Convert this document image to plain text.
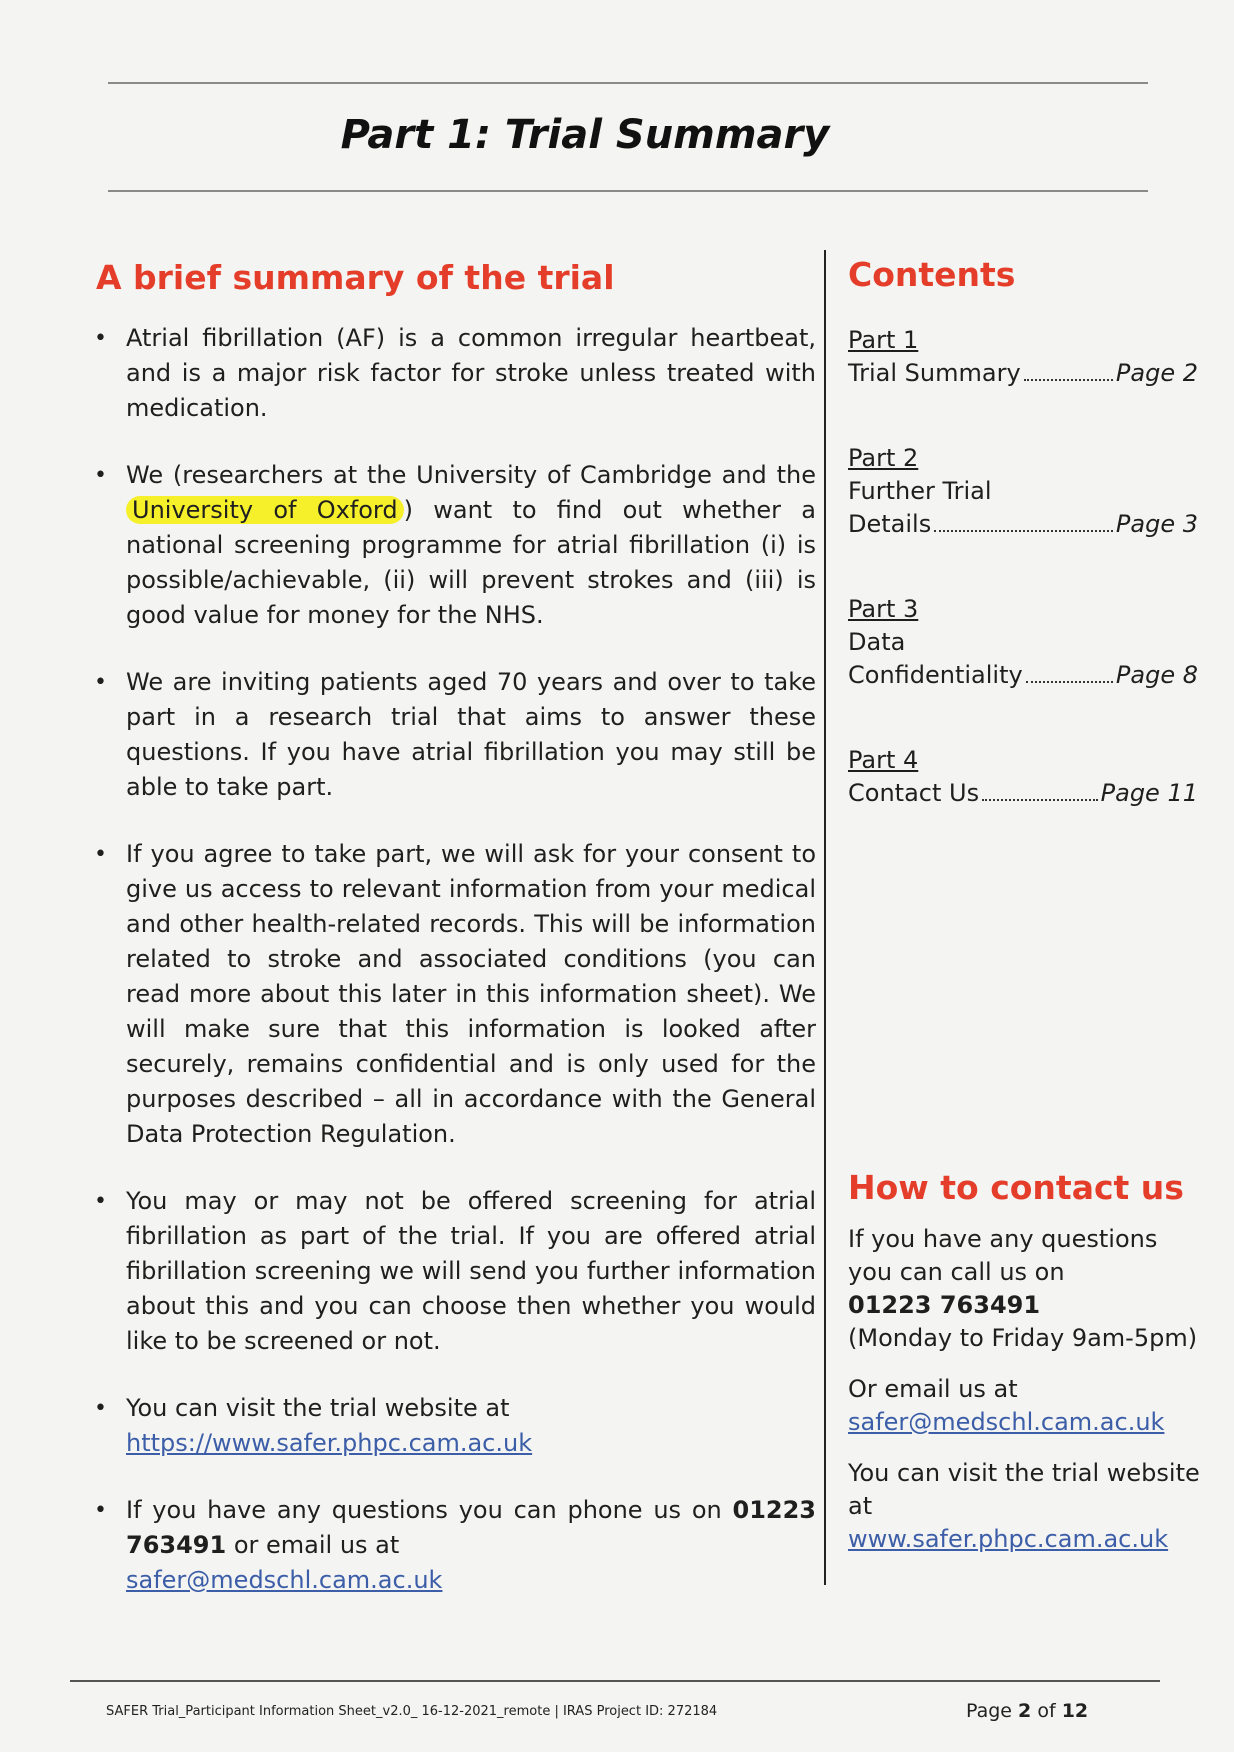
Part 1: Trial Summary
A brief summary of the trial
• Atrial fibrillation (AF) is a common irregular heartbeat, and is a major risk factor for stroke unless treated with medication.
• We (researchers at the University of Cambridge and the University of Oxford ) want to find out whether a national screening programme for atrial fibrillation (i) is possible/achievable, (ii) will prevent strokes and (iii) is good value for money for the NHS.
• We are inviting patients aged 70 years and over to take part in a research trial that aims to answer these questions. If you have atrial fibrillation you may still be able to take part.
• If you agree to take part, we will ask for your consent to give us access to relevant information from your medical and other health-related records. This will be information related to stroke and associated conditions (you can read more about this later in this information sheet). We will make sure that this information is looked after securely, remains confidential and is only used for the purposes described – all in accordance with the General Data Protection Regulation.
• You may or may not be offered screening for atrial fibrillation as part of the trial. If you are offered atrial fibrillation screening we will send you further information about this and you can choose then whether you would like to be screened or not.
• You can visit the trial website at
https://www.safer.phpc.cam.ac.uk
• If you have any questions you can phone us on 01223 763491 or email us at
safer@medschl.cam.ac.uk
Contents
Part 1
Trial Summary	Page 2
Part 2
Further Trial
Details	Page 3
Part 3
Data
Confidentiality	Page 8
Part 4
Contact Us	Page 11
How to contact us

If you have any questions you can call us on
01223 763491
(Monday to Friday 9am-5pm)

Or email us at
safer@medschl.cam.ac.uk

You can visit the trial website at
www.safer.phpc.cam.ac.uk

SAFER Trial_Participant Information Sheet_v2.0_ 16-12-2021_remote | IRAS Project ID: 272184	Page 2 of 12
